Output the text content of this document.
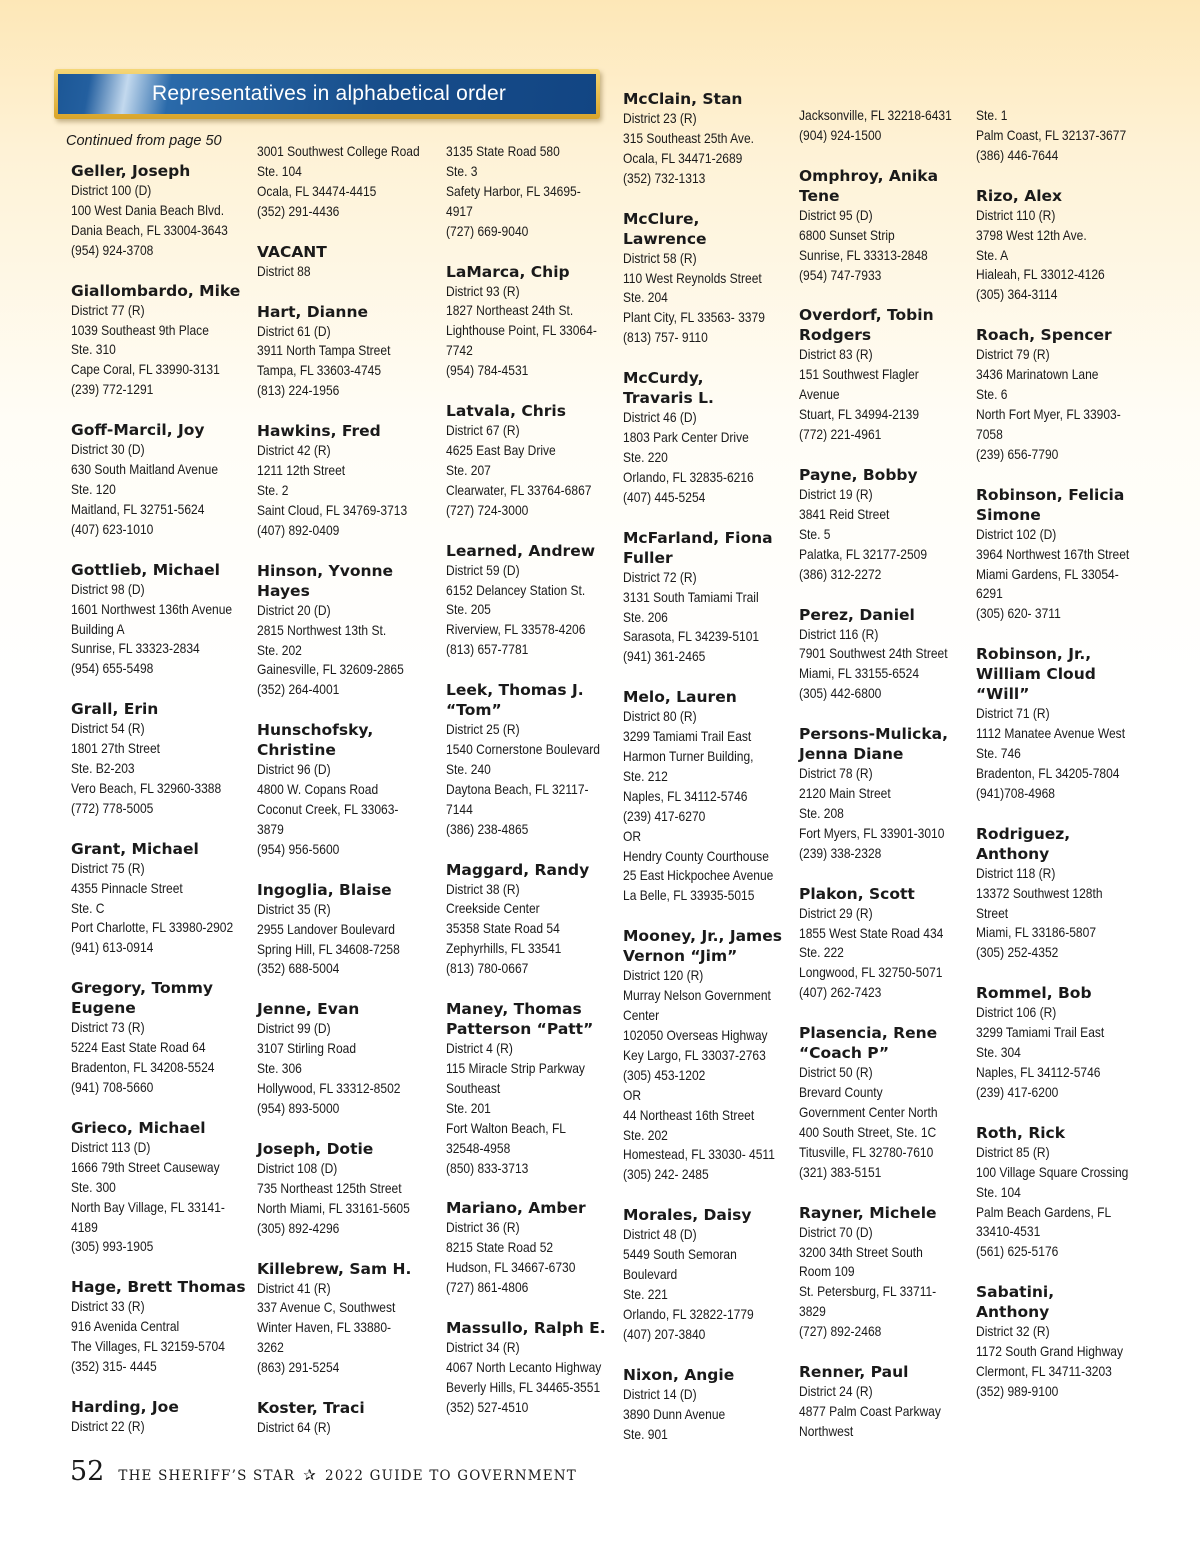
Representatives in alphabetical order
Continued from page 50
Geller, Joseph
District 100 (D)
100 West Dania Beach Blvd.
Dania Beach, FL 33004-3643
(954) 924-3708
Giallombardo, Mike
District 77 (R)
1039 Southeast 9th Place
Ste. 310
Cape Coral, FL 33990-3131
(239) 772-1291
Goff-Marcil, Joy
District 30 (D)
630 South Maitland Avenue
Ste. 120
Maitland, FL 32751-5624
(407) 623-1010
Gottlieb, Michael
District 98 (D)
1601 Northwest 136th Avenue
Building A
Sunrise, FL 33323-2834
(954) 655-5498
Grall, Erin
District 54 (R)
1801 27th Street
Ste. B2-203
Vero Beach, FL 32960-3388
(772) 778-5005
Grant, Michael
District 75 (R)
4355 Pinnacle Street
Ste. C
Port Charlotte, FL 33980-2902
(941) 613-0914
Gregory, Tommy
Eugene
District 73 (R)
5224 East State Road 64
Bradenton, FL 34208-5524
(941) 708-5660
Grieco, Michael
District 113 (D)
1666 79th Street Causeway
Ste. 300
North Bay Village, FL 33141-
4189
(305) 993-1905
Hage, Brett Thomas
District 33 (R)
916 Avenida Central
The Villages, FL 32159-5704
(352) 315- 4445
Harding, Joe
District 22 (R)
3001 Southwest College Road
Ste. 104
Ocala, FL 34474-4415
(352) 291-4436
VACANT
District 88
Hart, Dianne
District 61 (D)
3911 North Tampa Street
Tampa, FL 33603-4745
(813) 224-1956
Hawkins, Fred
District 42 (R)
1211 12th Street
Ste. 2
Saint Cloud, FL 34769-3713
(407) 892-0409
Hinson, Yvonne
Hayes
District 20 (D)
2815 Northwest 13th St.
Ste. 202
Gainesville, FL 32609-2865
(352) 264-4001
Hunschofsky,
Christine
District 96 (D)
4800 W. Copans Road
Coconut Creek, FL 33063-
3879
(954) 956-5600
Ingoglia, Blaise
District 35 (R)
2955 Landover Boulevard
Spring Hill, FL 34608-7258
(352) 688-5004
Jenne, Evan
District 99 (D)
3107 Stirling Road
Ste. 306
Hollywood, FL 33312-8502
(954) 893-5000
Joseph, Dotie
District 108 (D)
735 Northeast 125th Street
North Miami, FL 33161-5605
(305) 892-4296
Killebrew, Sam H.
District 41 (R)
337 Avenue C, Southwest
Winter Haven, FL 33880-
3262
(863) 291-5254
Koster, Traci
District 64 (R)
3135 State Road 580
Ste. 3
Safety Harbor, FL 34695-
4917
(727) 669-9040
LaMarca, Chip
District 93 (R)
1827 Northeast 24th St.
Lighthouse Point, FL 33064-
7742
(954) 784-4531
Latvala, Chris
District 67 (R)
4625 East Bay Drive
Ste. 207
Clearwater, FL 33764-6867
(727) 724-3000
Learned, Andrew
District 59 (D)
6152 Delancey Station St.
Ste. 205
Riverview, FL 33578-4206
(813) 657-7781
Leek, Thomas J.
“Tom”
District 25 (R)
1540 Cornerstone Boulevard
Ste. 240
Daytona Beach, FL 32117-
7144
(386) 238-4865
Maggard, Randy
District 38 (R)
Creekside Center
35358 State Road 54
Zephyrhills, FL 33541
(813) 780-0667
Maney, Thomas
Patterson “Patt”
District 4 (R)
115 Miracle Strip Parkway
Southeast
Ste. 201
Fort Walton Beach, FL
32548-4958
(850) 833-3713
Mariano, Amber
District 36 (R)
8215 State Road 52
Hudson, FL 34667-6730
(727) 861-4806
Massullo, Ralph E.
District 34 (R)
4067 North Lecanto Highway
Beverly Hills, FL 34465-3551
(352) 527-4510
McClain, Stan
District 23 (R)
315 Southeast 25th Ave.
Ocala, FL 34471-2689
(352) 732-1313
McClure,
Lawrence
District 58 (R)
110 West Reynolds Street
Ste. 204
Plant City, FL 33563- 3379
(813) 757- 9110
McCurdy,
Travaris L.
District 46 (D)
1803 Park Center Drive
Ste. 220
Orlando, FL 32835-6216
(407) 445-5254
McFarland, Fiona
Fuller
District 72 (R)
3131 South Tamiami Trail
Ste. 206
Sarasota, FL 34239-5101
(941) 361-2465
Melo, Lauren
District 80 (R)
3299 Tamiami Trail East
Harmon Turner Building,
Ste. 212
Naples, FL 34112-5746
(239) 417-6270
OR
Hendry County Courthouse
25 East Hickpochee Avenue
La Belle, FL 33935-5015
Mooney, Jr., James
Vernon “Jim”
District 120 (R)
Murray Nelson Government
Center
102050 Overseas Highway
Key Largo, FL 33037-2763
(305) 453-1202
OR
44 Northeast 16th Street
Ste. 202
Homestead, FL 33030- 4511
(305) 242- 2485
Morales, Daisy
District 48 (D)
5449 South Semoran
Boulevard
Ste. 221
Orlando, FL 32822-1779
(407) 207-3840
Nixon, Angie
District 14 (D)
3890 Dunn Avenue
Ste. 901
Jacksonville, FL 32218-6431
(904) 924-1500
Omphroy, Anika
Tene
District 95 (D)
6800 Sunset Strip
Sunrise, FL 33313-2848
(954) 747-7933
Overdorf, Tobin
Rodgers
District 83 (R)
151 Southwest Flagler
Avenue
Stuart, FL 34994-2139
(772) 221-4961
Payne, Bobby
District 19 (R)
3841 Reid Street
Ste. 5
Palatka, FL 32177-2509
(386) 312-2272
Perez, Daniel
District 116 (R)
7901 Southwest 24th Street
Miami, FL 33155-6524
(305) 442-6800
Persons-Mulicka,
Jenna Diane
District 78 (R)
2120 Main Street
Ste. 208
Fort Myers, FL 33901-3010
(239) 338-2328
Plakon, Scott
District 29 (R)
1855 West State Road 434
Ste. 222
Longwood, FL 32750-5071
(407) 262-7423
Plasencia, Rene
“Coach P”
District 50 (R)
Brevard County
Government Center North
400 South Street, Ste. 1C
Titusville, FL 32780-7610
(321) 383-5151
Rayner, Michele
District 70 (D)
3200 34th Street South
Room 109
St. Petersburg, FL 33711-
3829
(727) 892-2468
Renner, Paul
District 24 (R)
4877 Palm Coast Parkway
Northwest
Ste. 1
Palm Coast, FL 32137-3677
(386) 446-7644
Rizo, Alex
District 110 (R)
3798 West 12th Ave.
Ste. A
Hialeah, FL 33012-4126
(305) 364-3114
Roach, Spencer
District 79 (R)
3436 Marinatown Lane
Ste. 6
North Fort Myer, FL 33903-
7058
(239) 656-7790
Robinson, Felicia
Simone
District 102 (D)
3964 Northwest 167th Street
Miami Gardens, FL 33054-
6291
(305) 620- 3711
Robinson, Jr.,
William Cloud
“Will”
District 71 (R)
1112 Manatee Avenue West
Ste. 746
Bradenton, FL 34205-7804
(941)708-4968
Rodriguez,
Anthony
District 118 (R)
13372 Southwest 128th
Street
Miami, FL 33186-5807
(305) 252-4352
Rommel, Bob
District 106 (R)
3299 Tamiami Trail East
Ste. 304
Naples, FL 34112-5746
(239) 417-6200
Roth, Rick
District 85 (R)
100 Village Square Crossing
Ste. 104
Palm Beach Gardens, FL
33410-4531
(561) 625-5176
Sabatini,
Anthony
District 32 (R)
1172 South Grand Highway
Clermont, FL 34711-3203
(352) 989-9100
52 THE SHERIFF’S STAR ✰ 2022 GUIDE TO GOVERNMENT
